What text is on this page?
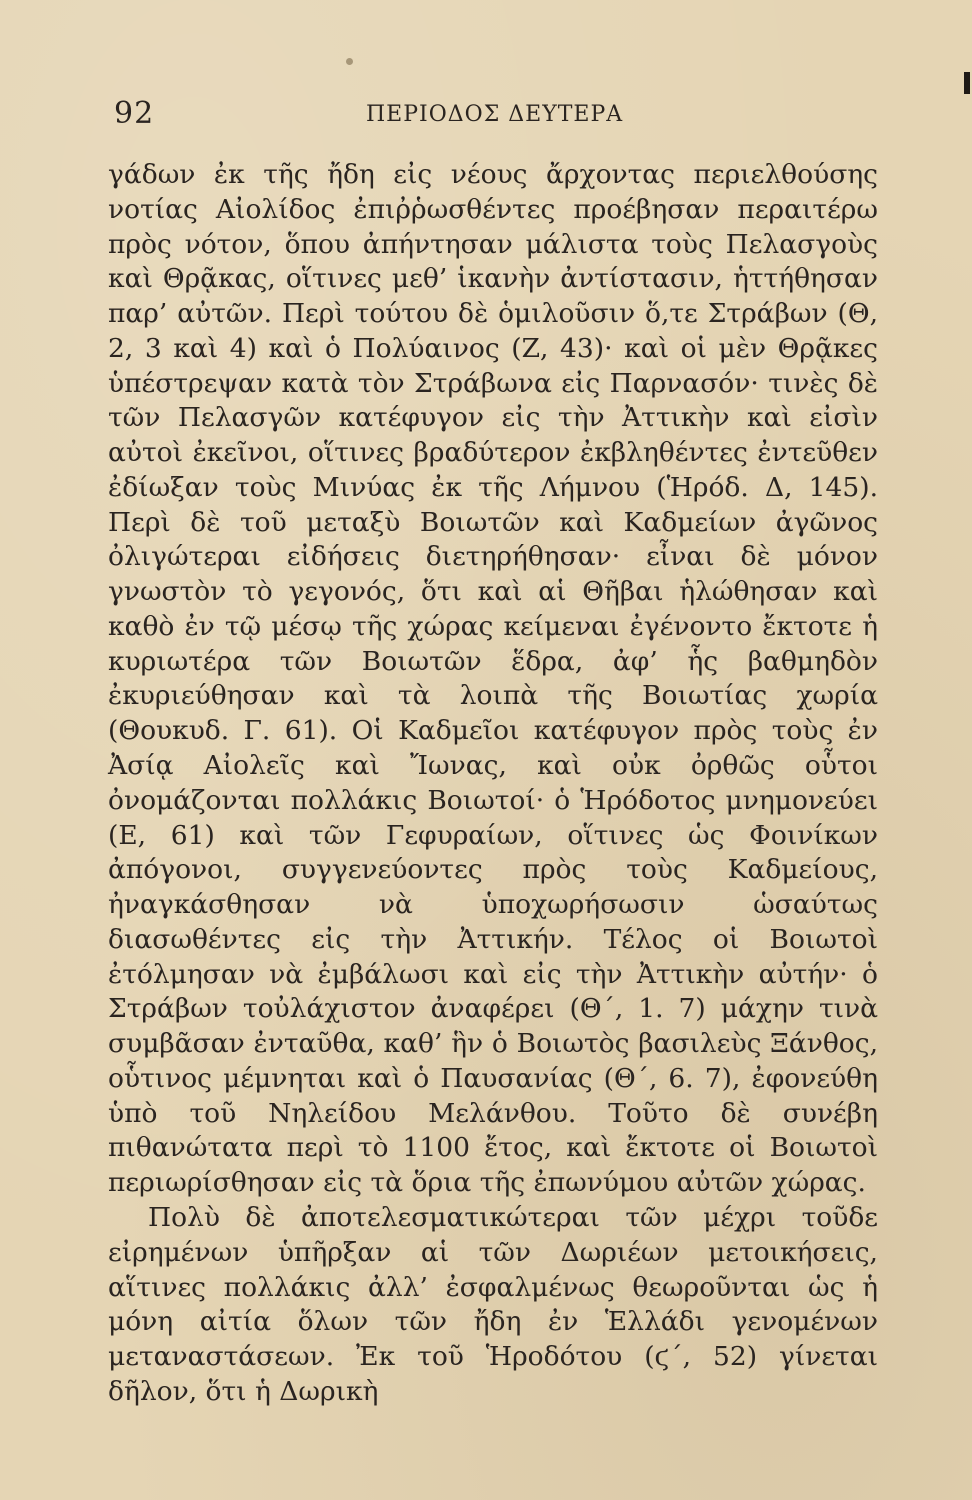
92	ΠΕΡΙΟΔΟΣ ΔΕΥΤΕΡΑ

γάδων ἐκ τῆς ἤδη εἰς νέους ἄρχοντας περιελθούσης νοτίας Αἰολίδος ἐπιῤῥωσθέντες προέβησαν περαιτέρω πρὸς νότον, ὅπου ἀπήντησαν μάλιστα τοὺς Πελασγοὺς καὶ Θρᾷκας, οἵτινες μεθ’ ἱκανὴν ἀντίστασιν, ἡττήθησαν παρ’ αὐτῶν. Περὶ τούτου δὲ ὁμιλοῦσιν ὅ,τε Στράβων (Θ, 2, 3 καὶ 4) καὶ ὁ Πολύαινος (Ζ, 43)· καὶ οἱ μὲν Θρᾷκες ὑπέστρεψαν κατὰ τὸν Στράβωνα εἰς Παρνασόν· τινὲς δὲ τῶν Πελασγῶν κατέφυγον εἰς τὴν Ἀττικὴν καὶ εἰσὶν αὐτοὶ ἐκεῖνοι, οἵτινες βραδύτερον ἐκβληθέντες ἐντεῦθεν ἐδίωξαν τοὺς Μινύας ἐκ τῆς Λήμνου (Ἡρόδ. Δ, 145). Περὶ δὲ τοῦ μεταξὺ Βοιωτῶν καὶ Καδμείων ἀγῶνος ὀλιγώτεραι εἰδήσεις διετηρήθησαν· εἶναι δὲ μόνον γνωστὸν τὸ γεγονός, ὅτι καὶ αἱ Θῆβαι ἡλώθησαν καὶ καθὸ ἐν τῷ μέσῳ τῆς χώρας κείμεναι ἐγένοντο ἔκτοτε ἡ κυριωτέρα τῶν Βοιωτῶν ἕδρα, ἀφ’ ἧς βαθμηδὸν ἐκυριεύθησαν καὶ τὰ λοιπὰ τῆς Βοιωτίας χωρία (Θουκυδ. Γ. 61). Οἱ Καδμεῖοι κατέφυγον πρὸς τοὺς ἐν Ἀσίᾳ Αἰολεῖς καὶ Ἴωνας, καὶ οὐκ ὀρθῶς οὗτοι ὀνομάζονται πολλάκις Βοιωτοί· ὁ Ἡρόδοτος μνημονεύει (Ε, 61) καὶ τῶν Γεφυραίων, οἵτινες ὡς Φοινίκων ἀπόγονοι, συγγενεύοντες πρὸς τοὺς Καδμείους, ἠναγκάσθησαν νὰ ὑποχωρήσωσιν ὡσαύτως διασωθέντες εἰς τὴν Ἀττικήν. Τέλος οἱ Βοιωτοὶ ἐτόλμησαν νὰ ἐμβάλωσι καὶ εἰς τὴν Ἀττικὴν αὐτήν· ὁ Στράβων τοὐλάχιστον ἀναφέρει (Θ΄, 1. 7) μάχην τινὰ συμβᾶσαν ἐνταῦθα, καθ’ ἣν ὁ Βοιωτὸς βασιλεὺς Ξάνθος, οὗτινος μέμνηται καὶ ὁ Παυσανίας (Θ΄, 6. 7), ἐφονεύθη ὑπὸ τοῦ Νηλείδου Μελάνθου. Τοῦτο δὲ συνέβη πιθανώτατα περὶ τὸ 1100 ἔτος, καὶ ἔκτοτε οἱ Βοιωτοὶ περιωρίσθησαν εἰς τὰ ὅρια τῆς ἐπωνύμου αὐτῶν χώρας.

Πολὺ δὲ ἀποτελεσματικώτεραι τῶν μέχρι τοῦδε εἰρημένων ὑπῆρξαν αἱ τῶν Δωριέων μετοικήσεις, αἵτινες πολλάκις ἀλλ’ ἐσφαλμένως θεωροῦνται ὡς ἡ μόνη αἰτία ὅλων τῶν ἤδη ἐν Ἑλλάδι γενομένων μεταναστάσεων. Ἐκ τοῦ Ἡροδότου (ϛ΄, 52) γίνεται δῆλον, ὅτι ἡ Δωρικὴ
